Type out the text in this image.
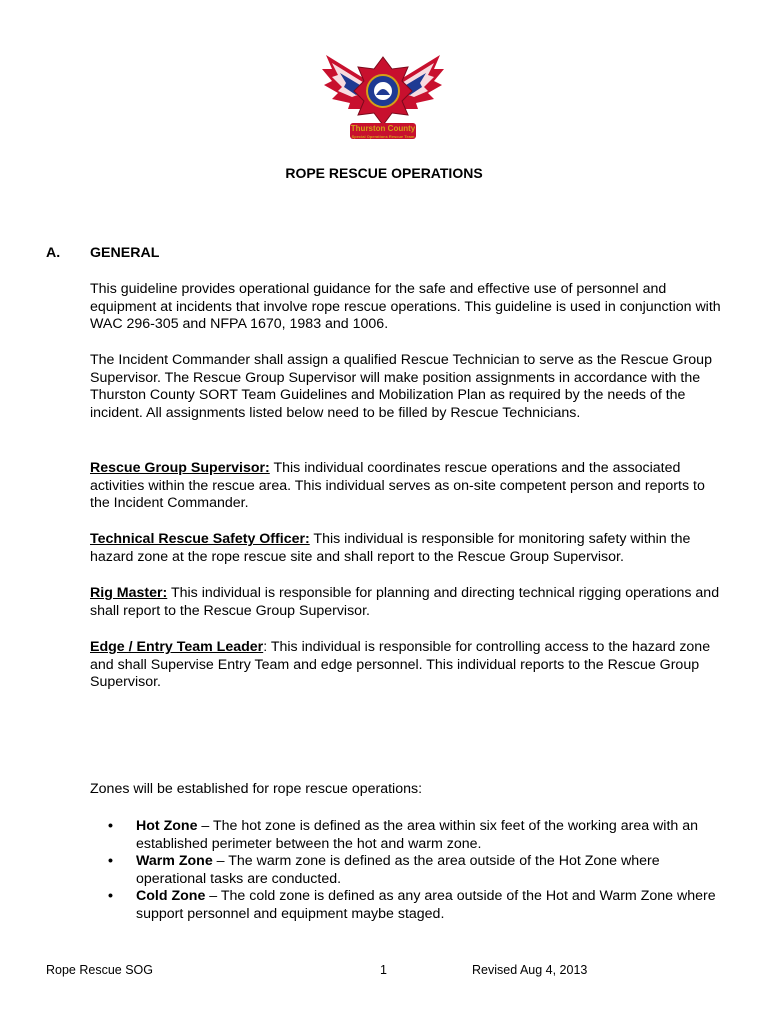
Thurston County
Special Operations Rescue Team
ROPE RESCUE OPERATIONS
A. GENERAL

This guideline provides operational guidance for the safe and effective use of personnel and equipment at incidents that involve rope rescue operations. This guideline is used in conjunction with WAC 296-305 and NFPA 1670, 1983 and 1006.

The Incident Commander shall assign a qualified Rescue Technician to serve as the Rescue Group Supervisor. The Rescue Group Supervisor will make position assignments in accordance with the Thurston County SORT Team Guidelines and Mobilization Plan as required by the needs of the incident. All assignments listed below need to be filled by Rescue Technicians.

Rescue Group Supervisor: This individual coordinates rescue operations and the associated activities within the rescue area. This individual serves as on-site competent person and reports to the Incident Commander.

Technical Rescue Safety Officer: This individual is responsible for monitoring safety within the hazard zone at the rope rescue site and shall report to the Rescue Group Supervisor.

Rig Master: This individual is responsible for planning and directing technical rigging operations and shall report to the Rescue Group Supervisor.

Edge / Entry Team Leader: This individual is responsible for controlling access to the hazard zone and shall Supervise Entry Team and edge personnel. This individual reports to the Rescue Group Supervisor.

Zones will be established for rope rescue operations:

• Hot Zone – The hot zone is defined as the area within six feet of the working area with an established perimeter between the hot and warm zone.
• Warm Zone – The warm zone is defined as the area outside of the Hot Zone where operational tasks are conducted.
• Cold Zone – The cold zone is defined as any area outside of the Hot and Warm Zone where support personnel and equipment maybe staged.
Rope Rescue SOG	1	Revised Aug 4, 2013
